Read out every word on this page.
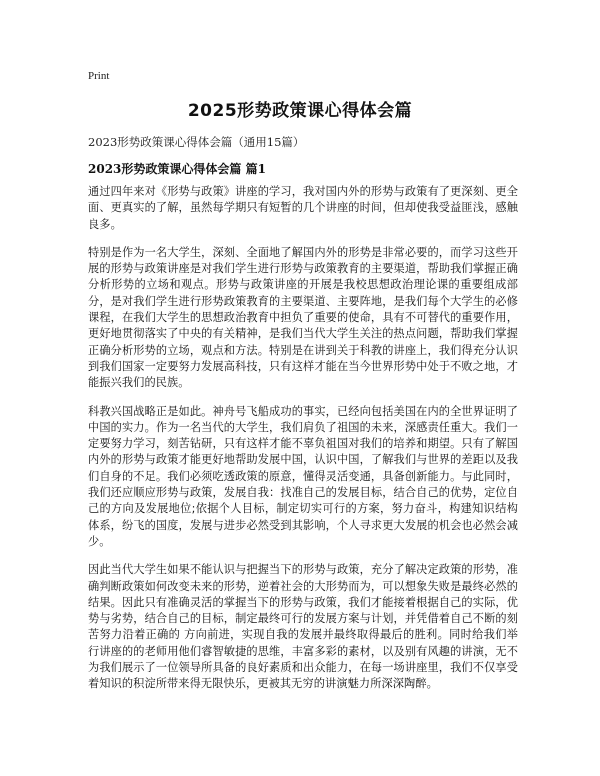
Print
2025形势政策课心得体会篇
2023形势政策课心得体会篇（通用15篇）
2023形势政策课心得体会篇 篇1

通过四年来对《形势与政策》讲座的学习，我对国内外的形势与政策有了更深刻、更全面、更真实的了解，虽然每学期只有短暂的几个讲座的时间，但却使我受益匪浅，感触良多。

特别是作为一名大学生，深刻、全面地了解国内外的形势是非常必要的，而学习这些开展的形势与政策讲座是对我们学生进行形势与政策教育的主要渠道，帮助我们掌握正确分析形势的立场和观点。形势与政策讲座的开展是我校思想政治理论课的重要组成部分，是对我们学生进行形势政策教育的主要渠道、主要阵地，是我们每个大学生的必修课程，在我们大学生的思想政治教育中担负了重要的使命，具有不可替代的重要作用，更好地贯彻落实了中央的有关精神，是我们当代大学生关注的热点问题，帮助我们掌握正确分析形势的立场，观点和方法。特别是在讲到关于科教的讲座上，我们得充分认识到我们国家一定要努力发展高科技，只有这样才能在当今世界形势中处于不败之地，才能振兴我们的民族。

科教兴国战略正是如此。神舟号飞船成功的事实，已经向包括美国在内的全世界证明了中国的实力。作为一名当代的大学生，我们肩负了祖国的未来，深感责任重大。我们一定要努力学习，刻苦钻研，只有这样才能不辜负祖国对我们的培养和期望。只有了解国内外的形势与政策才能更好地帮助发展中国，认识中国，了解我们与世界的差距以及我们自身的不足。我们必须吃透政策的原意，懂得灵活变通，具备创新能力。与此同时，我们还应顺应形势与政策，发展自我：找准自己的发展目标，结合自己的优势，定位自己的方向及发展地位;依据个人目标，制定切实可行的方案，努力奋斗，构建知识结构体系，纷飞的国度，发展与进步必然受到其影响，个人寻求更大发展的机会也必然会减少。

因此当代大学生如果不能认识与把握当下的形势与政策，充分了解决定政策的形势，准确判断政策如何改变未来的形势，逆着社会的大形势而为，可以想象失败是最终必然的结果。因此只有准确灵活的掌握当下的形势与政策，我们才能接着根据自己的实际，优势与劣势，结合自己的目标，制定最终可行的发展方案与计划，并凭借着自己不断的刻苦努力沿着正确的 方向前进，实现自我的发展并最终取得最后的胜利。同时给我们举行讲座的的老师用他们睿智敏捷的思维，丰富多彩的素材，以及别有风趣的讲演，无不为我们展示了一位领导所具备的良好素质和出众能力，在每一场讲座里，我们不仅享受着知识的积淀所带来得无限快乐，更被其无穷的讲演魅力所深深陶醉。
